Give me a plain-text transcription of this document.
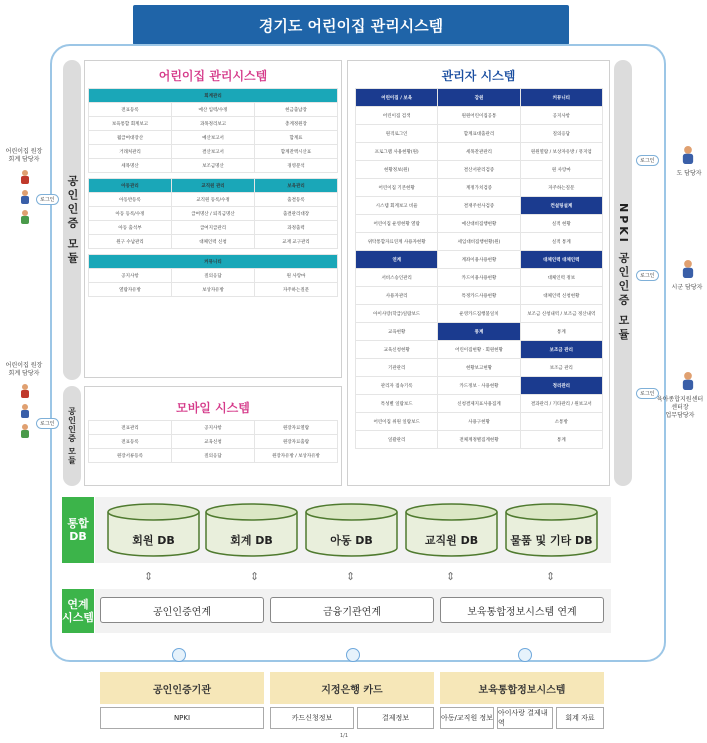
경기도 어린이집 관리시스템
공인인증 모듈
공인인증 모듈
NPKI 공인인증 모듈
어린이집 관리시스템
회계관리		
전표등록	예산 입력/수정	현금출납장
보육통합 회계보고	과목정리보고	총계정원장
월급여대장산	예산보고서	합계표
거래처관리	결산보고서	합계잔액시산표
세목명산	보조금명산	경영분석

아동관리	교직원 관리	보육관리
아동반등록	교직원 등록/수정	출결등록
아동 등록/수정	급여명산 / 퇴직금명산	출결관리대장
아동 출석부	급여지급관리	과정출력
원구 수납관리	대체인력 신청	교재 교구관리

커뮤니티		
공지사항	질의응답	원 사랑마
열람자유방	보상자유방	자주하는질문
모바일 시스템
전표관리	공지사항	원장자료열람
전표등록	교육신청	원장자료출람
원장서류등록	질의응답	원장자유방 / 보상자유방
관리자 시스템
어린이집 / 보육	감원	커뮤니티
어린이집 검색	원원어린이집공통	공지사항
원격로그인	합계표대출관리	질의응답
프로그램 사용현황(원)	세목잔관관리	원원열람 / 보상자유방 / 뮤지엄
현황정보(원)	결산서관리검증	원 사랑마
어린이집 기본현황	계정가치검증	자주하는질문
시스템 회계보고 비율	결재주천사검증	컨설팅설계
어린이집 운영현황 열람	예산대비집행현황	실적 현황
위탁통합자료연계 사용자현황	세입대비집행현황(원)	실적 통계
연계	계좌이용사용현황	대체인력 대체인력
서비스승인관리	카드이용사용현황	대체인력 정보
사용자관리	특정카드사용현황	대체인력 신청현황
아이사랑(학급)일람보드	운영카드집행불일치	보조금 신청내역 / 보조금 정산내역
교육현황	통계	통계
교육신청현황	어린이집현황 · 회원현황	보조금 관리
기관관리	현황보고현황	보조금 관리
관리자 접속기록	카드정보 · 사용현황	정리관리
특성별 일람보드	신청결제지표사용집계	결과관리 / 기타관리 / 원보고서
어린이집 위원 일람보드	사용구현황	소통방
일괄관리	전체계정별집계현황	통계
어린이집 원장
회계 담당자
로그인
어린이집 원장
회계 담당자
로그인
로그인
도 담당자
로그인
시군 담당자
로그인
육아종합지원센터
센터장
업무담당자
통합
DB	회원 DB	회계 DB	아동 DB	교직원 DB	물품 및 기타 DB
⇕	⇕	⇕	⇕	⇕
연계
시스템	공인인증연계	금융기관연계	보육통합정보시스템 연계
공인인증기관
NPKI
지정은행 카드
카드신청정보	결제정보
보육통합정보시스템
아동/교직원 정보
아이사랑 결제내역
회계 자료
1/1
